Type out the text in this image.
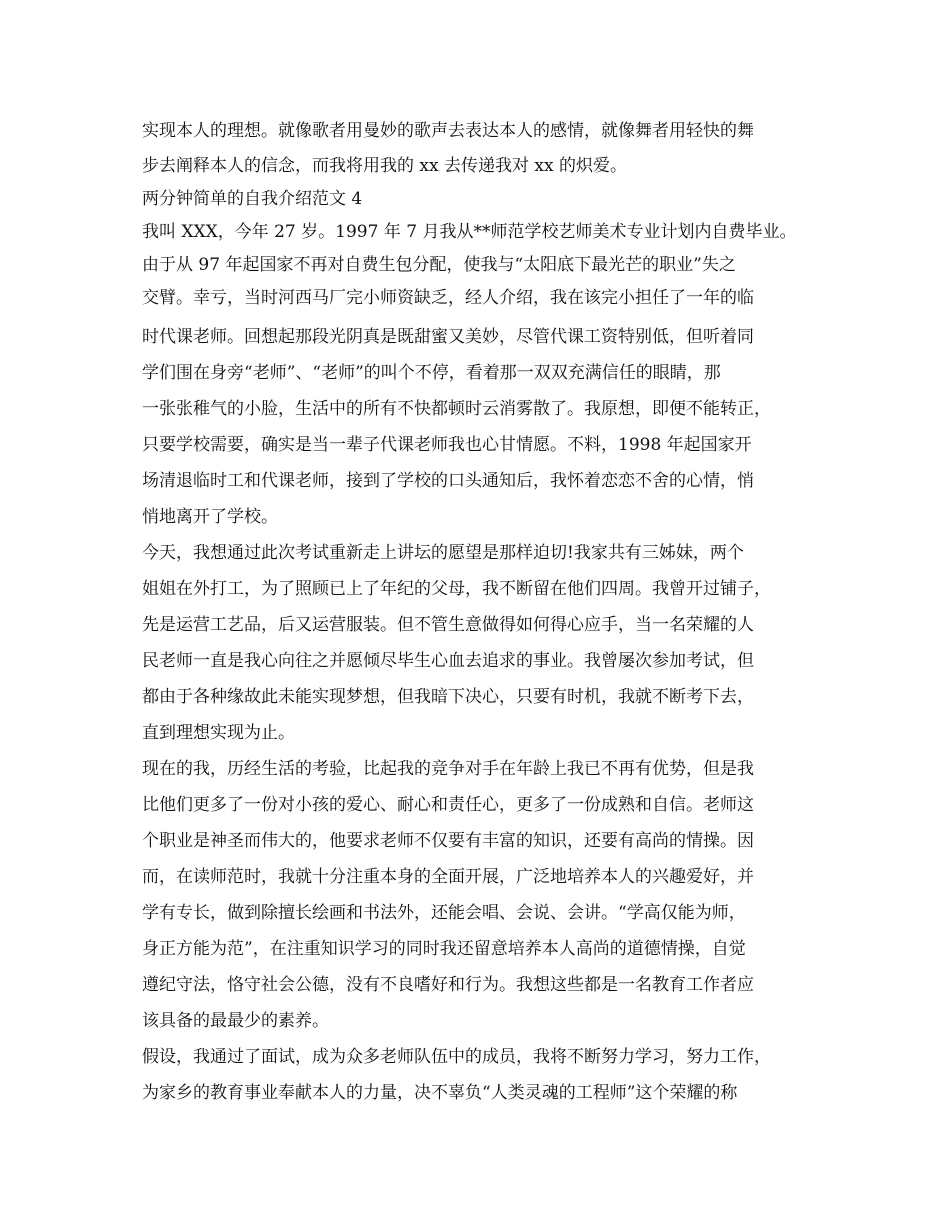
实现本人的理想。就像歌者用曼妙的歌声去表达本人的感情，就像舞者用轻快的舞
步去阐释本人的信念，而我将用我的 xx 去传递我对 xx 的炽爱。
两分钟简单的自我介绍范文 4
我叫 XXX，今年 27 岁。1997 年 7 月我从**师范学校艺师美术专业计划内自费毕业。
由于从 97 年起国家不再对自费生包分配，使我与“太阳底下最光芒的职业”失之
交臂。幸亏，当时河西马厂完小师资缺乏，经人介绍，我在该完小担任了一年的临
时代课老师。回想起那段光阴真是既甜蜜又美妙，尽管代课工资特别低，但听着同
学们围在身旁“老师”、“老师”的叫个不停，看着那一双双充满信任的眼睛，那
一张张稚气的小脸，生活中的所有不快都顿时云消雾散了。我原想，即便不能转正，
只要学校需要，确实是当一辈子代课老师我也心甘情愿。不料，1998 年起国家开
场清退临时工和代课老师，接到了学校的口头通知后，我怀着恋恋不舍的心情，悄
悄地离开了学校。
今天，我想通过此次考试重新走上讲坛的愿望是那样迫切!我家共有三姊妹，两个
姐姐在外打工，为了照顾已上了年纪的父母，我不断留在他们四周。我曾开过铺子，
先是运营工艺品，后又运营服装。但不管生意做得如何得心应手，当一名荣耀的人
民老师一直是我心向往之并愿倾尽毕生心血去追求的事业。我曾屡次参加考试，但
都由于各种缘故此未能实现梦想，但我暗下决心，只要有时机，我就不断考下去，
直到理想实现为止。
现在的我，历经生活的考验，比起我的竞争对手在年龄上我已不再有优势，但是我
比他们更多了一份对小孩的爱心、耐心和责任心，更多了一份成熟和自信。老师这
个职业是神圣而伟大的，他要求老师不仅要有丰富的知识，还要有高尚的情操。因
而，在读师范时，我就十分注重本身的全面开展，广泛地培养本人的兴趣爱好，并
学有专长，做到除擅长绘画和书法外，还能会唱、会说、会讲。“学高仅能为师，
身正方能为范”，在注重知识学习的同时我还留意培养本人高尚的道德情操，自觉
遵纪守法，恪守社会公德，没有不良嗜好和行为。我想这些都是一名教育工作者应
该具备的最最少的素养。
假设，我通过了面试，成为众多老师队伍中的成员，我将不断努力学习，努力工作，
为家乡的教育事业奉献本人的力量，决不辜负“人类灵魂的工程师”这个荣耀的称
